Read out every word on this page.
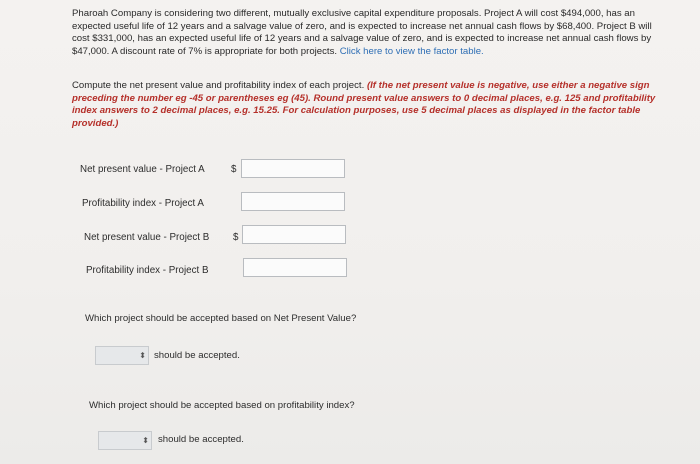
Pharoah Company is considering two different, mutually exclusive capital expenditure proposals. Project A will cost $494,000, has an expected useful life of 12 years and a salvage value of zero, and is expected to increase net annual cash flows by $68,400. Project B will cost $331,000, has an expected useful life of 12 years and a salvage value of zero, and is expected to increase net annual cash flows by $47,000. A discount rate of 7% is appropriate for both projects. Click here to view the factor table.
Compute the net present value and profitability index of each project. (If the net present value is negative, use either a negative sign preceding the number eg -45 or parentheses eg (45). Round present value answers to 0 decimal places, e.g. 125 and profitability index answers to 2 decimal places, e.g. 15.25. For calculation purposes, use 5 decimal places as displayed in the factor table provided.)
Net present value - Project A	$
Profitability index - Project A
Net present value - Project B $
Profitability index - Project B
Which project should be accepted based on Net Present Value?
⬍ should be accepted.
Which project should be accepted based on profitability index?
⬍ should be accepted.
